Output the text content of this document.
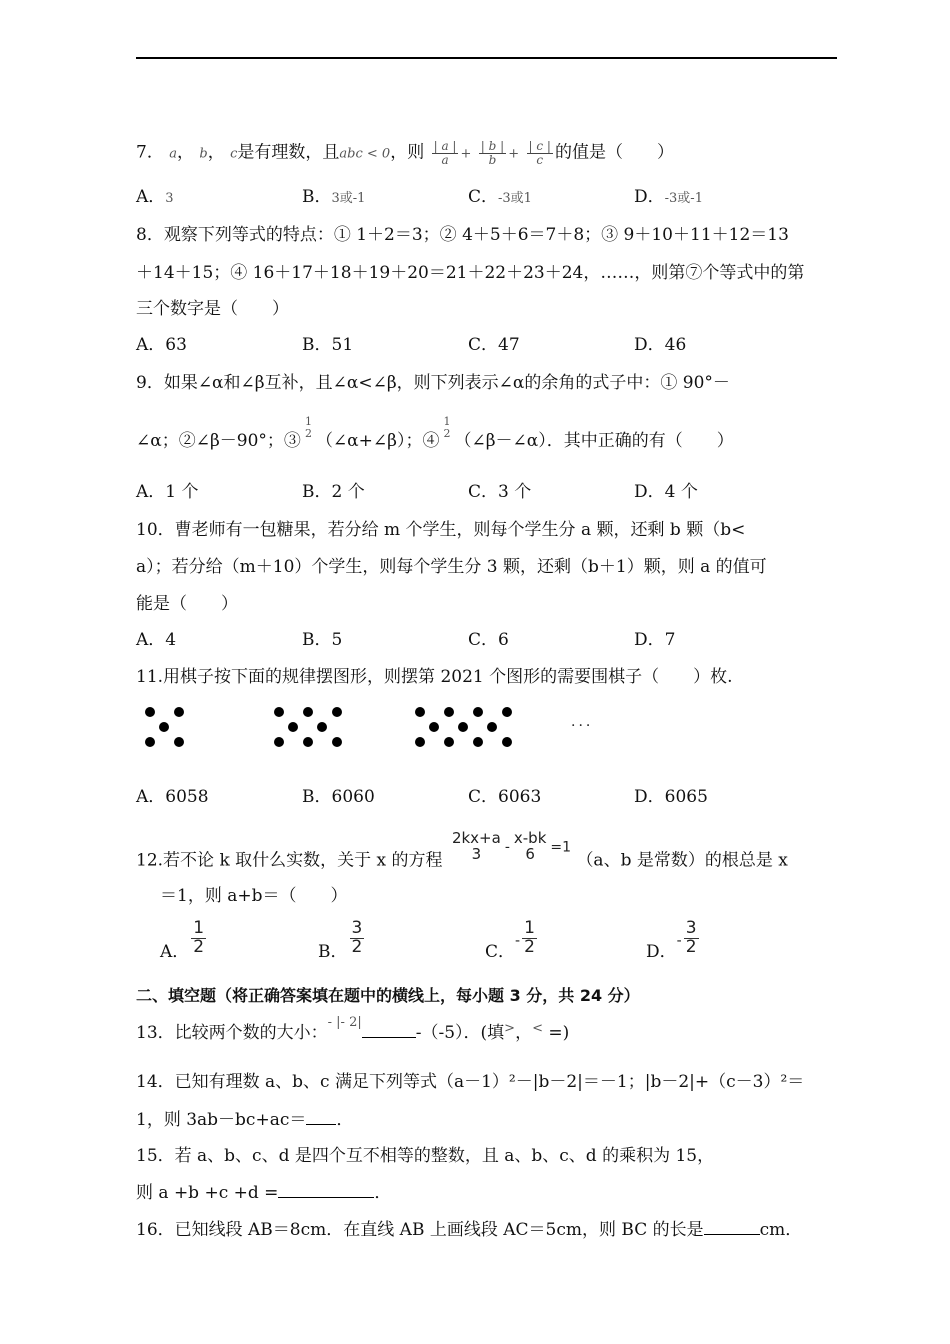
7． a， b， c是有理数，且abc < 0，则 $\frac{| a |}{a} + \frac{| b |}{b} + \frac{| c |}{c}$ 的值是（　　）
A．3	B．3或-1	C．-3或1	D．-3或-1
8．观察下列等式的特点：① 1＋2＝3；② 4＋5＋6＝7＋8；③ 9＋10＋11＋12＝13
＋14＋15；④ 16＋17＋18＋19＋20＝21＋22＋23＋24，……，则第⑦个等式中的第
三个数字是（　　）
A．63	B．51	C．47	D．46
9．如果∠α和∠β互补，且∠α<∠β，则下列表示∠α的余角的式子中：① 90°－
∠α；②∠β－90°；③
1
2 （∠α+∠β）；④
1
2 （∠β－∠α）．其中正确的有（　　）
A．1 个	B．2 个	C．3 个	D．4 个
10．曹老师有一包糖果，若分给 m 个学生，则每个学生分 a 颗，还剩 b 颗（b<
a）；若分给（m＋10）个学生，则每个学生分 3 颗，还剩（b＋1）颗，则 a 的值可
能是（　　）
A．4	B．5	C．6	D．7
11.用棋子按下面的规律摆图形，则摆第 2021 个图形的需要围棋子（　　）枚.
···
A．6058	B．6060	C．6063	D．6065
12.若不论 k 取什么实数，关于 x 的方程
2kx+a
3	-
x-bk
6	=1 （a、b 是常数）的根总是 x
＝1，则 a+b＝（　　）
A． $\frac{1}{2}$	B． $\frac{3}{2}$	C．- $\frac{1}{2}$	D．- $\frac{3}{2}$
二、填空题（将正确答案填在题中的横线上，每小题 3 分，共 24 分）
13．比较两个数的大小：$^{- |- 2|}$-（-5）．(填>，< =)
14．已知有理数 a、b、c 满足下列等式（a－1）²－|b－2|＝－1；|b－2|+（c－3）²＝
1，则 3ab－bc+ac＝ ．
15．若 a、b、c、d 是四个互不相等的整数，且 a、b、c、d 的乘积为 15，
则 a +b +c +d =	．
16．已知线段 AB＝8cm．在直线 AB 上画线段 AC＝5cm，则 BC 的长是	cm．
